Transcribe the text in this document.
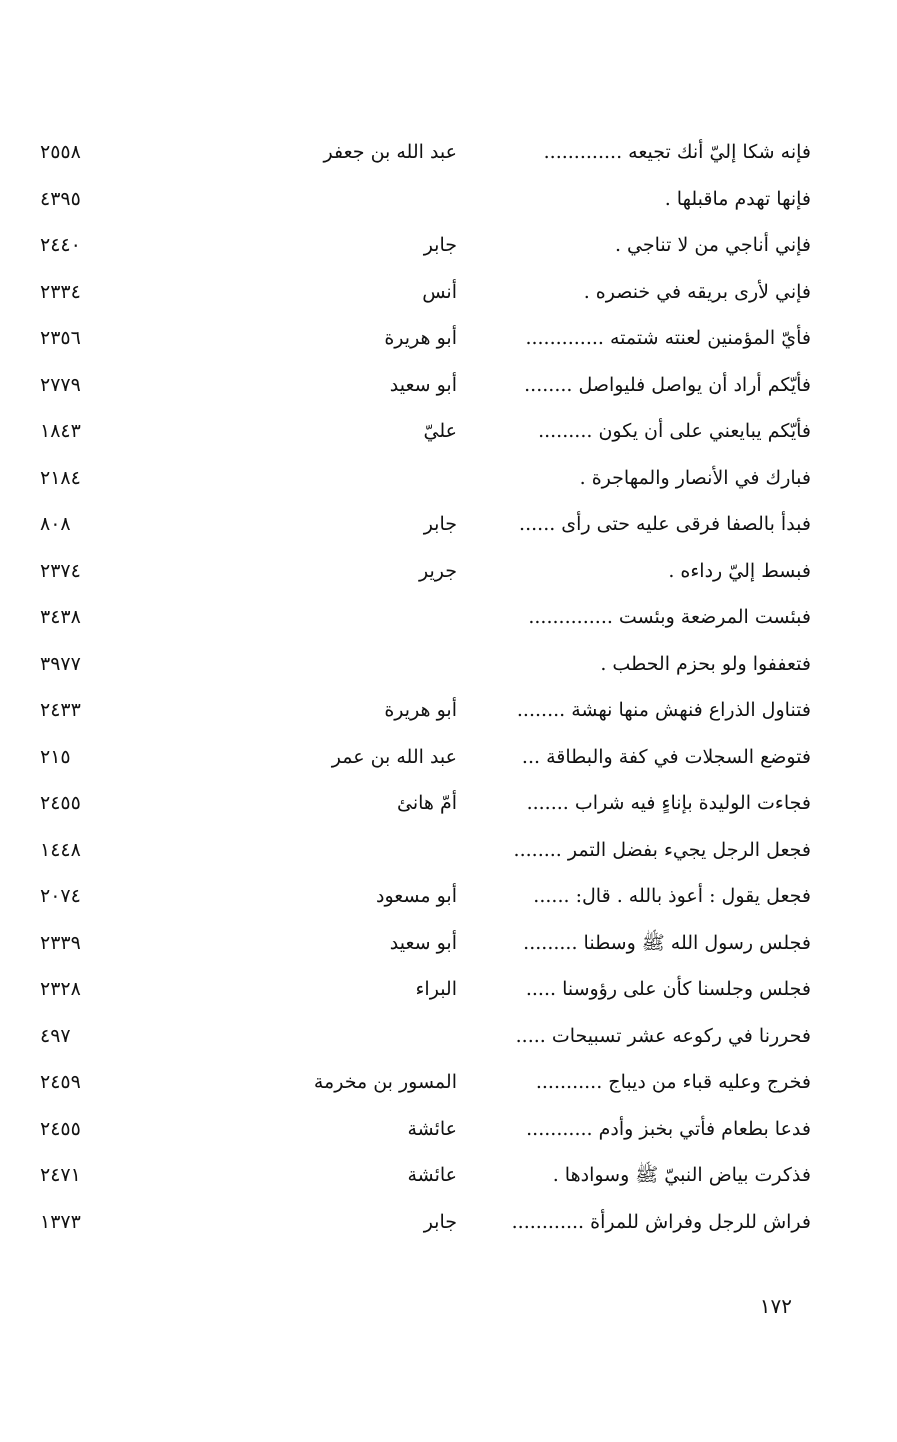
فإنه شكا إليّ أنك تجيعه .............
عبد الله بن جعفر
٢٥٥٨
فإنها تهدم ماقبلها .
٤٣٩٥
فإني أناجي من لا تناجي .
جابر
٢٤٤٠
فإني لأرى بريقه في خنصره .
أنس
٢٣٣٤
فأيّ المؤمنين لعنته شتمته .............
أبو هريرة
٢٣٥٦
فأيّكم أراد أن يواصل فليواصل ........
أبو سعيد
٢٧٧٩
فأيّكم يبايعني على أن يكون .........
عليّ
١٨٤٣
فبارك في الأنصار والمهاجرة .
٢١٨٤
فبدأ بالصفا فرقى عليه حتى رأى ......
جابر
٨٠٨
فبسط إليّ رداءه .
جرير
٢٣٧٤
فبئست المرضعة وبئست ..............
٣٤٣٨
فتعففوا ولو بحزم الحطب .
٣٩٧٧
فتناول الذراع فنهش منها نهشة ........
أبو هريرة
٢٤٣٣
فتوضع السجلات في كفة والبطاقة ...
عبد الله بن عمر
٢١٥
فجاءت الوليدة بإناءٍ فيه شراب .......
أمّ هانئ
٢٤٥٥
فجعل الرجل يجيء بفضل التمر ........
١٤٤٨
فجعل يقول : أعوذ بالله . قال: ......
أبو مسعود
٢٠٧٤
فجلس رسول الله ﷺ وسطنا .........
أبو سعيد
٢٣٣٩
فجلس وجلسنا كأن على رؤوسنا .....
البراء
٢٣٢٨
فحررنا في ركوعه عشر تسبيحات .....
٤٩٧
فخرج وعليه قباء من ديباج ...........
المسور بن مخرمة
٢٤٥٩
فدعا بطعام فأتي بخبز وأدم ...........
عائشة
٢٤٥٥
فذكرت بياض النبيّ ﷺ وسوادها .
عائشة
٢٤٧١
فراش للرجل وفراش للمرأة ............
جابر
١٣٧٣
١٧٢
